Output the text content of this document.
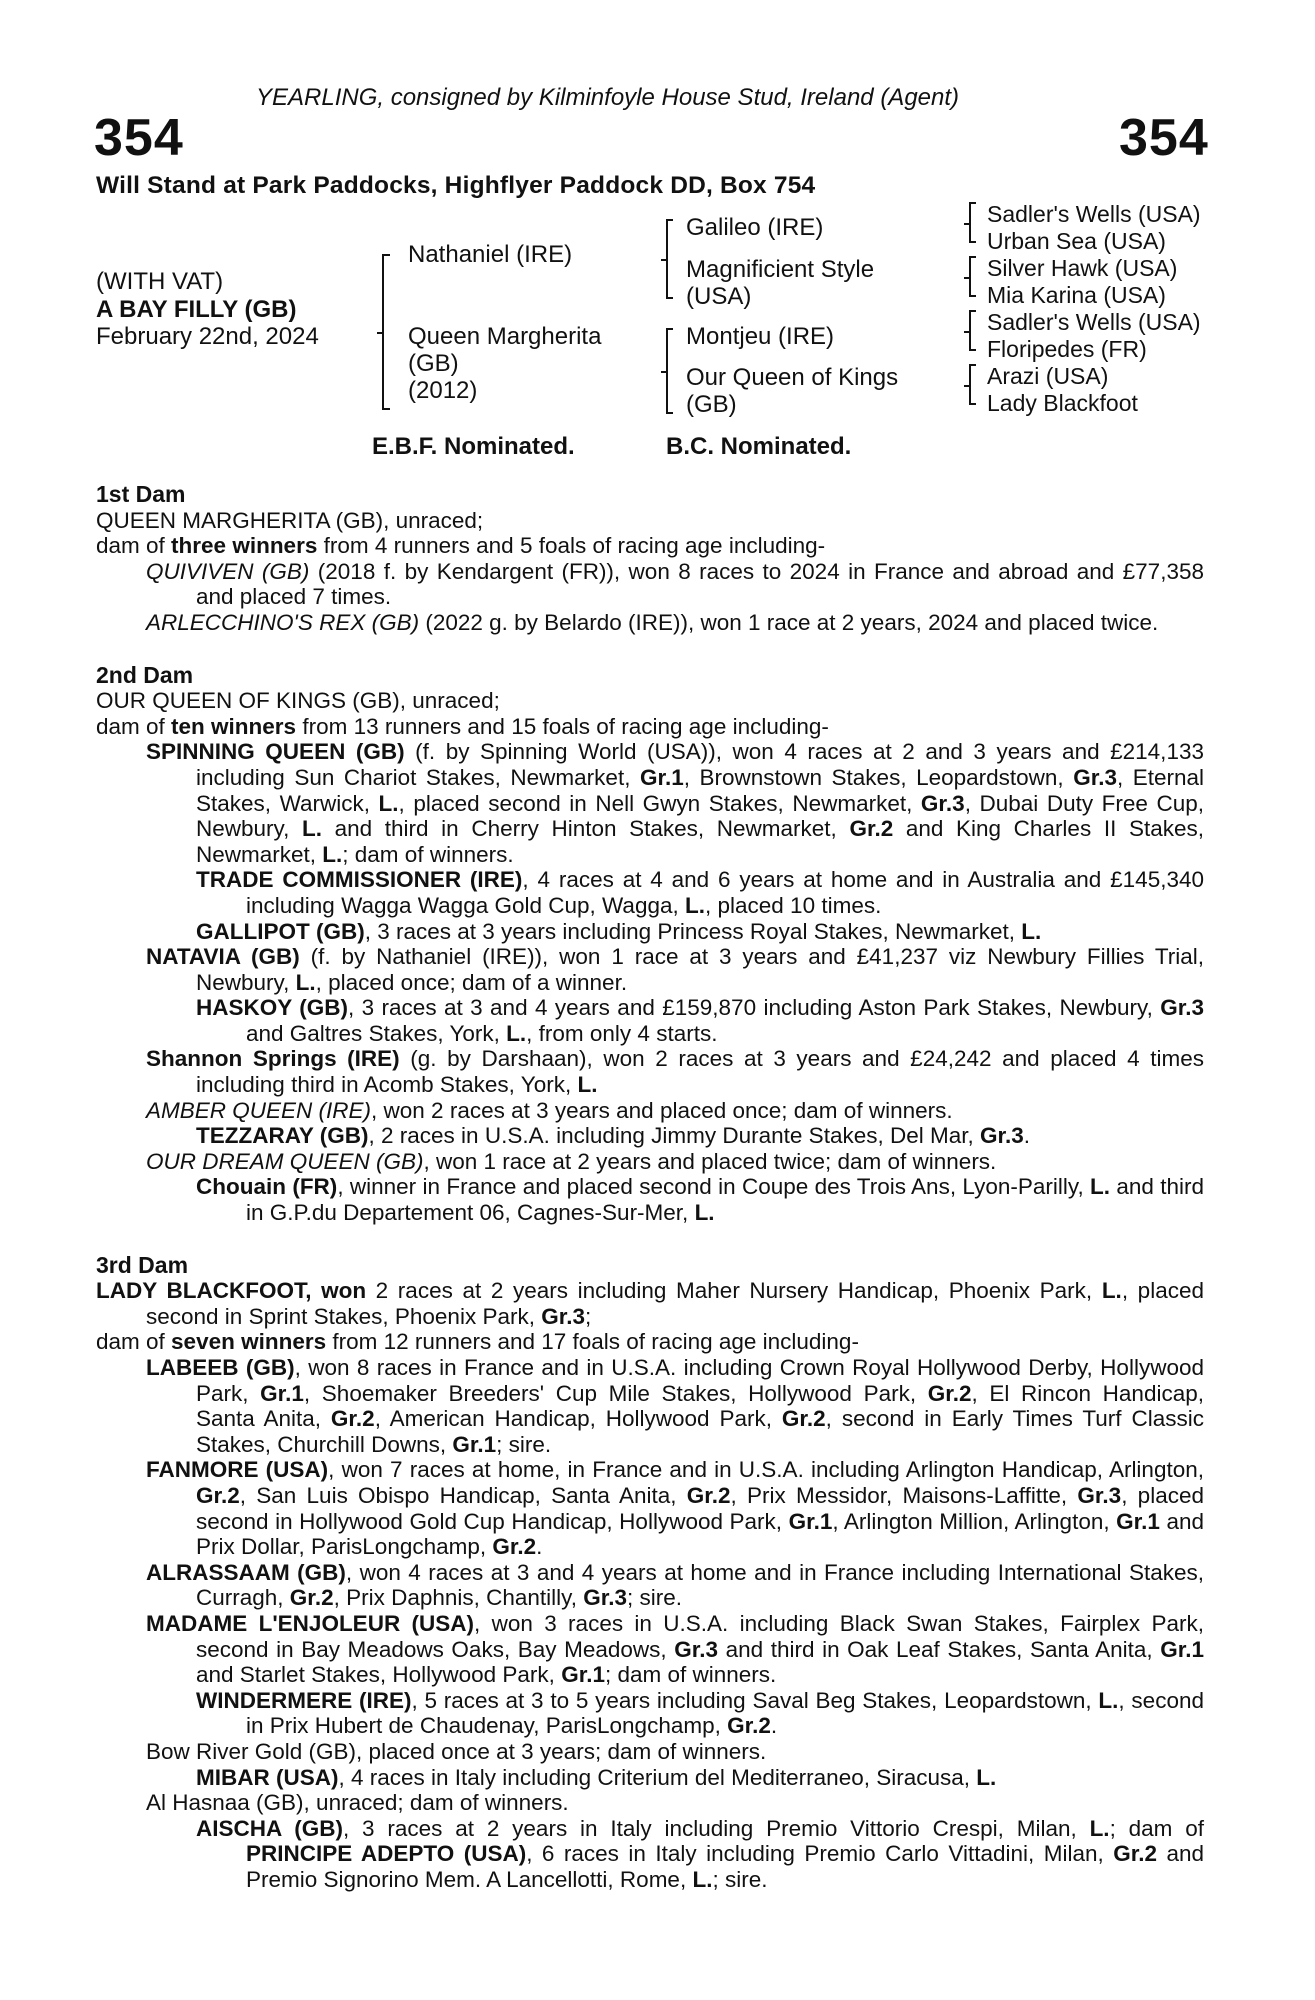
YEARLING, consigned by Kilminfoyle House Stud, Ireland (Agent)
354	354
Will Stand at Park Paddocks, Highflyer Paddock DD, Box 754
(WITH VAT)
A BAY FILLY (GB)
February 22nd, 2024
Nathaniel (IRE)
Queen Margherita
(GB)
(2012)
Galileo (IRE)
Magnificient Style
(USA)
Montjeu (IRE)
Our Queen of Kings
(GB)
Sadler's Wells (USA)
Urban Sea (USA)
Silver Hawk (USA)
Mia Karina (USA)
Sadler's Wells (USA)
Floripedes (FR)
Arazi (USA)
Lady Blackfoot
E.B.F. Nominated.	B.C. Nominated.
1st Dam
QUEEN MARGHERITA (GB), unraced;
dam of three winners from 4 runners and 5 foals of racing age including-
QUIVIVEN (GB) (2018 f. by Kendargent (FR)), won 8 races to 2024 in France and abroad and £77,358 and placed 7 times.
ARLECCHINO'S REX (GB) (2022 g. by Belardo (IRE)), won 1 race at 2 years, 2024 and placed twice.
2nd Dam
OUR QUEEN OF KINGS (GB), unraced;
dam of ten winners from 13 runners and 15 foals of racing age including-
SPINNING QUEEN (GB) (f. by Spinning World (USA)), won 4 races at 2 and 3 years and £214,133 including Sun Chariot Stakes, Newmarket, Gr.1, Brownstown Stakes, Leopardstown, Gr.3, Eternal Stakes, Warwick, L., placed second in Nell Gwyn Stakes, Newmarket, Gr.3, Dubai Duty Free Cup, Newbury, L. and third in Cherry Hinton Stakes, Newmarket, Gr.2 and King Charles II Stakes, Newmarket, L.; dam of winners.
TRADE COMMISSIONER (IRE), 4 races at 4 and 6 years at home and in Australia and £145,340 including Wagga Wagga Gold Cup, Wagga, L., placed 10 times.
GALLIPOT (GB), 3 races at 3 years including Princess Royal Stakes, Newmarket, L.
NATAVIA (GB) (f. by Nathaniel (IRE)), won 1 race at 3 years and £41,237 viz Newbury Fillies Trial, Newbury, L., placed once; dam of a winner.
HASKOY (GB), 3 races at 3 and 4 years and £159,870 including Aston Park Stakes, Newbury, Gr.3 and Galtres Stakes, York, L., from only 4 starts.
Shannon Springs (IRE) (g. by Darshaan), won 2 races at 3 years and £24,242 and placed 4 times including third in Acomb Stakes, York, L.
AMBER QUEEN (IRE), won 2 races at 3 years and placed once; dam of winners.
TEZZARAY (GB), 2 races in U.S.A. including Jimmy Durante Stakes, Del Mar, Gr.3.
OUR DREAM QUEEN (GB), won 1 race at 2 years and placed twice; dam of winners.
Chouain (FR), winner in France and placed second in Coupe des Trois Ans, Lyon-Parilly, L. and third in G.P.du Departement 06, Cagnes-Sur-Mer, L.
3rd Dam
LADY BLACKFOOT, won 2 races at 2 years including Maher Nursery Handicap, Phoenix Park, L., placed second in Sprint Stakes, Phoenix Park, Gr.3;
dam of seven winners from 12 runners and 17 foals of racing age including-
LABEEB (GB), won 8 races in France and in U.S.A. including Crown Royal Hollywood Derby, Hollywood Park, Gr.1, Shoemaker Breeders' Cup Mile Stakes, Hollywood Park, Gr.2, El Rincon Handicap, Santa Anita, Gr.2, American Handicap, Hollywood Park, Gr.2, second in Early Times Turf Classic Stakes, Churchill Downs, Gr.1; sire.
FANMORE (USA), won 7 races at home, in France and in U.S.A. including Arlington Handicap, Arlington, Gr.2, San Luis Obispo Handicap, Santa Anita, Gr.2, Prix Messidor, Maisons-Laffitte, Gr.3, placed second in Hollywood Gold Cup Handicap, Hollywood Park, Gr.1, Arlington Million, Arlington, Gr.1 and Prix Dollar, ParisLongchamp, Gr.2.
ALRASSAAM (GB), won 4 races at 3 and 4 years at home and in France including International Stakes, Curragh, Gr.2, Prix Daphnis, Chantilly, Gr.3; sire.
MADAME L'ENJOLEUR (USA), won 3 races in U.S.A. including Black Swan Stakes, Fairplex Park, second in Bay Meadows Oaks, Bay Meadows, Gr.3 and third in Oak Leaf Stakes, Santa Anita, Gr.1 and Starlet Stakes, Hollywood Park, Gr.1; dam of winners.
WINDERMERE (IRE), 5 races at 3 to 5 years including Saval Beg Stakes, Leopardstown, L., second in Prix Hubert de Chaudenay, ParisLongchamp, Gr.2.
Bow River Gold (GB), placed once at 3 years; dam of winners.
MIBAR (USA), 4 races in Italy including Criterium del Mediterraneo, Siracusa, L.
Al Hasnaa (GB), unraced; dam of winners.
AISCHA (GB), 3 races at 2 years in Italy including Premio Vittorio Crespi, Milan, L.; dam of PRINCIPE ADEPTO (USA), 6 races in Italy including Premio Carlo Vittadini, Milan, Gr.2 and Premio Signorino Mem. A Lancellotti, Rome, L.; sire.
